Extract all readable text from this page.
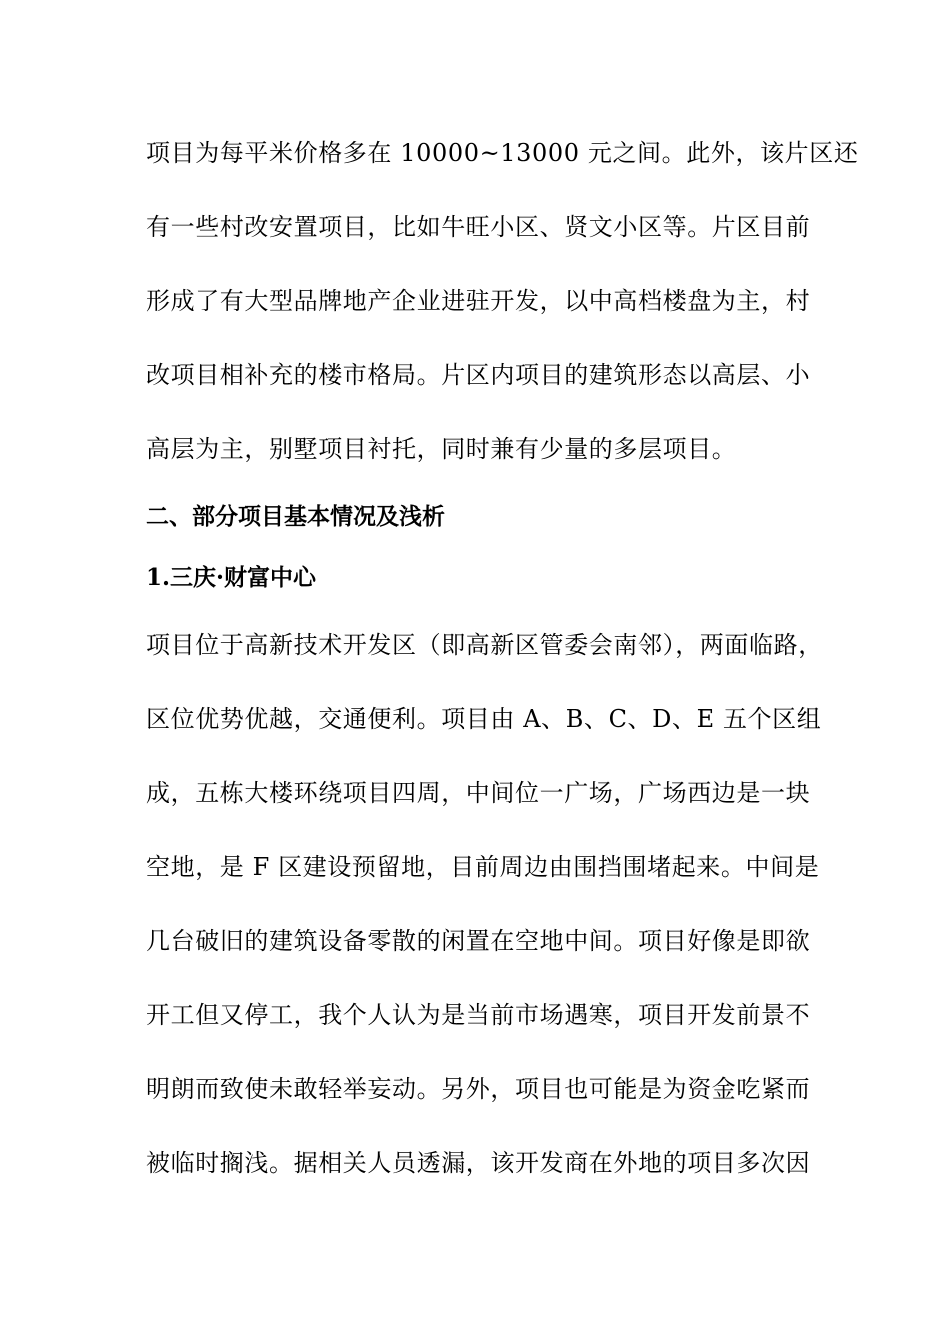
项目为每平米价格多在 10000~13000 元之间。此外，该片区还
有一些村改安置项目，比如牛旺小区、贤文小区等。片区目前
形成了有大型品牌地产企业进驻开发，以中高档楼盘为主，村
改项目相补充的楼市格局。片区内项目的建筑形态以高层、小
高层为主，别墅项目衬托，同时兼有少量的多层项目。
二、部分项目基本情况及浅析
1.三庆·财富中心
项目位于高新技术开发区（即高新区管委会南邻），两面临路，
区位优势优越，交通便利。项目由 A、B、C、D、E 五个区组
成，五栋大楼环绕项目四周，中间位一广场，广场西边是一块
空地，是 F 区建设预留地，目前周边由围挡围堵起来。中间是
几台破旧的建筑设备零散的闲置在空地中间。项目好像是即欲
开工但又停工，我个人认为是当前市场遇寒，项目开发前景不
明朗而致使未敢轻举妄动。另外，项目也可能是为资金吃紧而
被临时搁浅。据相关人员透漏，该开发商在外地的项目多次因
